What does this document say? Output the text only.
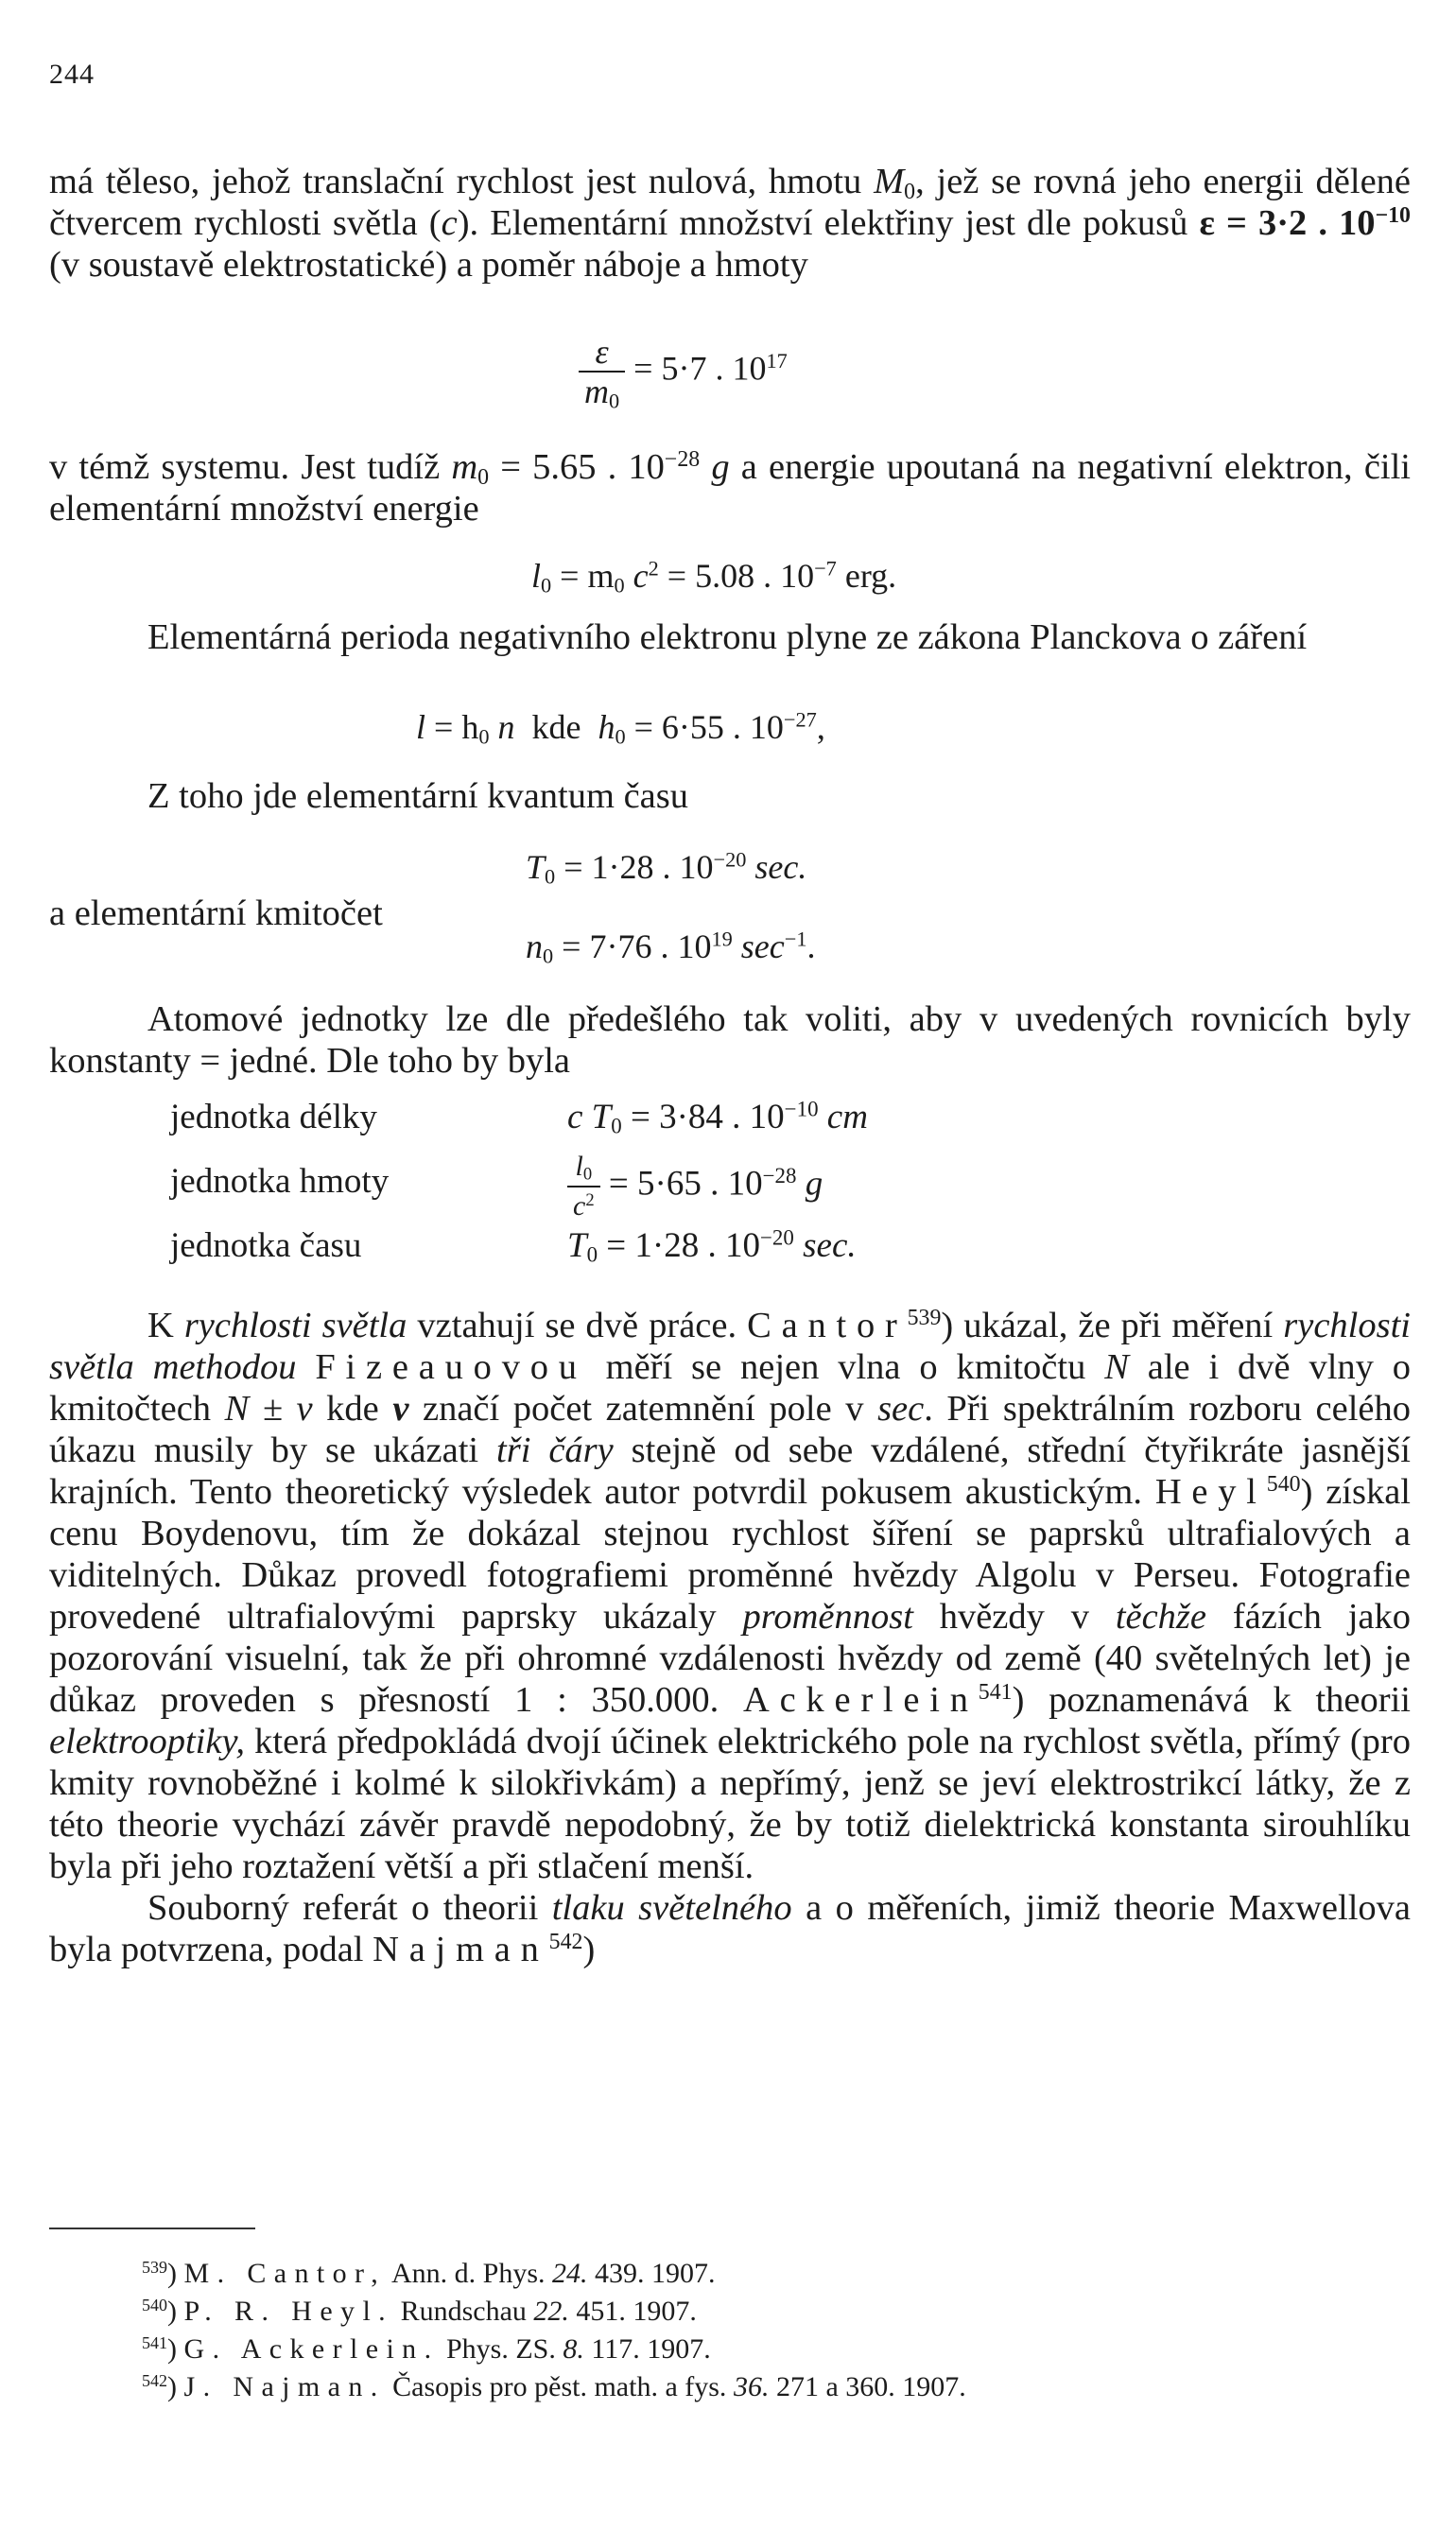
244

má těleso, jehož translační rychlost jest nulová, hmotu $M_0$, jež se rovná jeho energii dělené čtvercem rychlosti světla (c). Elementární množství elektřiny jest dle pokusů ε = 3·2 . $10^{-10}$ (v soustavě elektrostatické) a poměr náboje a hmoty

$\frac{\varepsilon}{m_0} = 5\cdot 7$ . $10^{17}$

v témž systemu. Jest tudíž $m_0 = 5.65$ . $10^{-28}$ g a energie upoutaná na negativní elektron, čili elementární množství energie

$l_0 = m_0$ $c^2 = 5.08$ . $10^{-7}$ erg.

Elementárná perioda negativního elektronu plyne ze zákona Planckova o záření

$l = h_0$ n  kde  $h_0 = 6\cdot 55$ . $10^{-27}$,

Z toho jde elementární kvantum času

$T_0 = 1\cdot 28$ . $10^{-20}$ sec.

a elementární kmitočet

$n_0 = 7\cdot 76$ . $10^{19}$ $\sec^{-1}$.

Atomové jednotky lze dle předešlého tak voliti, aby v uvedených rovnicích byly konstanty = jedné. Dle toho by byla

jednotka délky	c $T_0 = 3\cdot 84$ . $10^{-10}$ cm
jednotka hmoty	$\frac{l_0}{c^2} = 5\cdot 65$ . $10^{-28}$ g
jednotka času	$T_0 = 1\cdot 28$ . $10^{-20}$ sec.

K rychlosti světla vztahují se dvě práce. Cantor$^{539}$) ukázal, že při měření rychlosti světla methodou Fizeauovou měří se nejen vlna o kmitočtu N ale i dvě vlny o kmitočtech N ± ν kde ν značí počet zatemnění pole v sec. Při spektrálním rozboru celého úkazu musily by se ukázati tři čáry stejně od sebe vzdálené, střední čtyřikráte jasnější krajních. Tento theoretický výsledek autor potvrdil pokusem akustickým. Heyl$^{540}$) získal cenu Boydenovu, tím že dokázal stejnou rychlost šíření se paprsků ultrafialových a viditelných. Důkaz provedl fotografiemi proměnné hvězdy Algolu v Perseu. Fotografie provedené ultrafialovými paprsky ukázaly proměnnost hvězdy v těchže fázích jako pozorování visuelní, tak že při ohromné vzdálenosti hvězdy od země (40 světelných let) je důkaz proveden s přesností 1 : 350.000. Ackerlein$^{541}$) poznamenává k theorii elektrooptiky, která předpokládá dvojí účinek elektrického pole na rychlost světla, přímý (pro kmity rovnoběžné i kolmé k silokřivkám) a nepřímý, jenž se jeví elektrostrikcí látky, že z této theorie vychází závěr pravdě nepodobný, že by totiž dielektrická konstanta sirouhlíku byla při jeho roztažení větší a při stlačení menší.

Souborný referát o theorii tlaku světelného a o měřeních, jimiž theorie Maxwellova byla potvrzena, podal Najman$^{542}$)

$^{539}$) M. Cantor, Ann. d. Phys. 24. 439. 1907.
$^{540}$) P. R. Heyl. Rundschau 22. 451. 1907.
$^{541}$) G. Ackerlein. Phys. ZS. 8. 117. 1907.
$^{542}$) J. Najman. Časopis pro pěst. math. a fys. 36. 271 a 360. 1907.
